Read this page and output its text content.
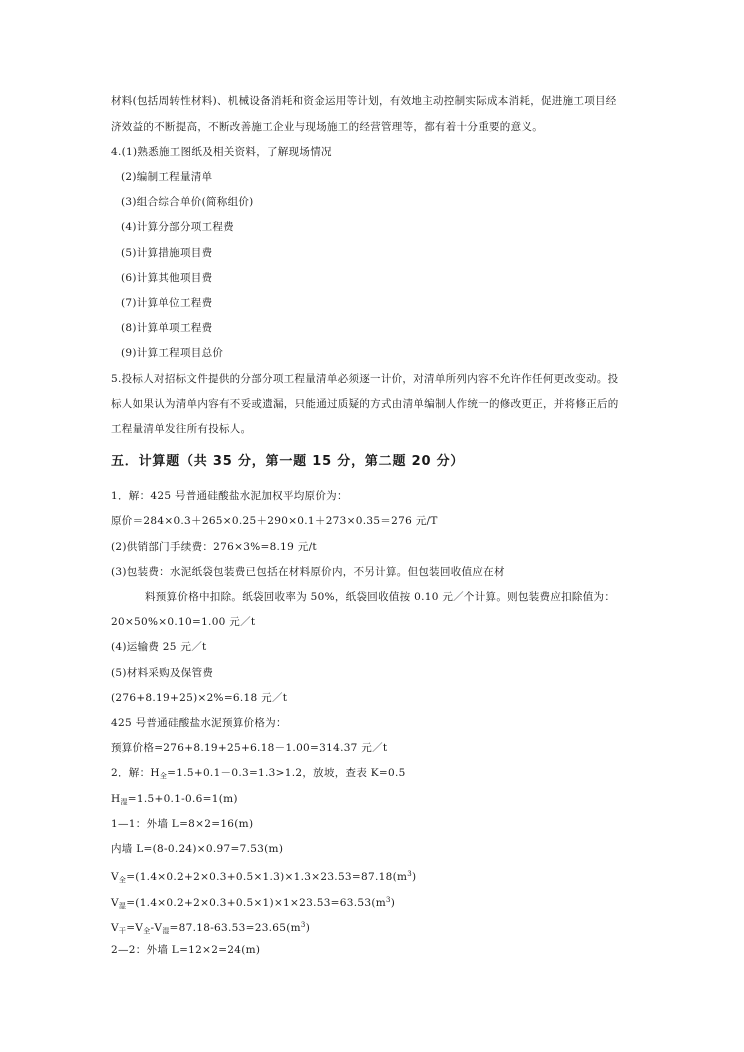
材料(包括周转性材料)、机械设备消耗和资金运用等计划，有效地主动控制实际成本消耗，促进施工项目经
济效益的不断提高，不断改善施工企业与现场施工的经营管理等，都有着十分重要的意义。
4.(1)熟悉施工图纸及相关资料，了解现场情况
(2)编制工程量清单
(3)组合综合单价(简称组价)
(4)计算分部分项工程费
(5)计算措施项目费
(6)计算其他项目费
(7)计算单位工程费
(8)计算单项工程费
(9)计算工程项目总价
5.投标人对招标文件提供的分部分项工程量清单必须逐一计价，对清单所列内容不允许作任何更改变动。投
标人如果认为清单内容有不妥或遗漏，只能通过质疑的方式由清单编制人作统一的修改更正，并将修正后的
工程量清单发往所有投标人。
五．计算题（共 35 分，第一题 15 分，第二题 20 分）
1．解：425 号普通硅酸盐水泥加权平均原价为：
原价＝284×0.3＋265×0.25＋290×0.1＋273×0.35＝276 元/T
(2)供销部门手续费：276×3%=8.19 元/t
(3)包装费：水泥纸袋包装费已包括在材料原价内，不另计算。但包装回收值应在材
料预算价格中扣除。纸袋回收率为 50%，纸袋回收值按 0.10 元／个计算。则包装费应扣除值为：
20×50%×0.10=1.00 元／t
(4)运输费 25 元／t
(5)材料采购及保管费
(276+8.19+25)×2%=6.18 元／t
425 号普通硅酸盐水泥预算价格为：
预算价格=276+8.19+25+6.18－1.00=314.37 元／t
2．解：$H_全=1.5+0.1-0.3=1.3>1.2$，放坡，查表 K=0.5
$H_湿=1.5+0.1-0.6=1(m)$
1—1：外墙 L=8×2=16(m)
内墙 L=(8-0.24)×0.97=7.53(m)
$V_全=(1.4\times 0.2+2\times 0.3+0.5\times 1.3)\times 1.3\times 23.53=87.18(m^3)$
$V_湿=(1.4\times 0.2+2\times 0.3+0.5\times 1)\times 1\times 23.53=63.53(m^3)$
$V_干=V_全-V_湿=87.18-63.53=23.65(m^3)$
2—2：外墙 L=12×2=24(m)
